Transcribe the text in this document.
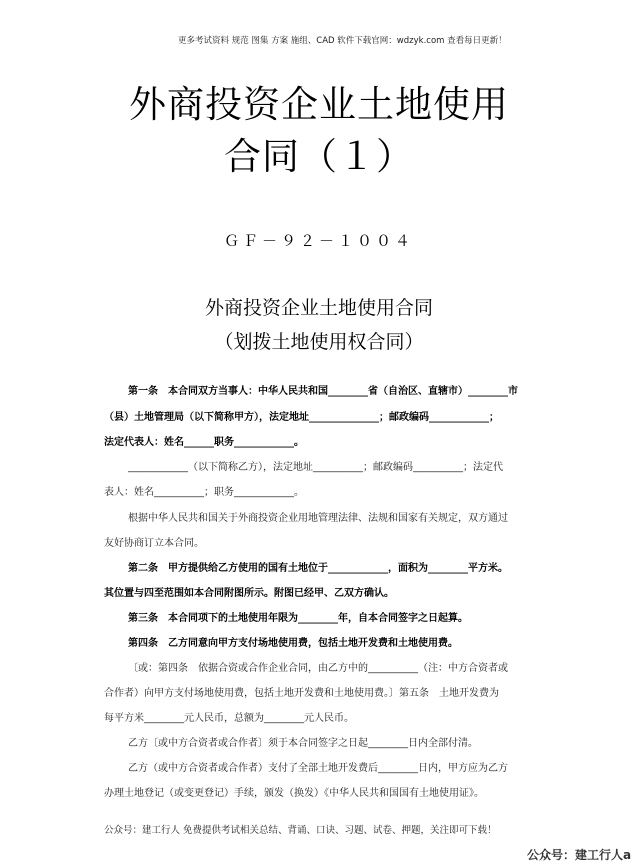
更多考试资料 规范 图集 方案 施组、CAD 软件下载官网：wdzyk.com 查看每日更新！
外商投资企业土地使用
合同（１）
ＧＦ－９２－１００４
外商投资企业土地使用合同
（划拨土地使用权合同）
第一条　本合同双方当事人：中华人民共和国________省（自治区、直辖市）________市
（县）土地管理局（以下简称甲方），法定地址______________；邮政编码____________；
法定代表人：姓名______职务____________。
____________（以下简称乙方），法定地址__________；邮政编码__________；法定代
表人：姓名__________；职务____________。
根据中华人民共和国关于外商投资企业用地管理法律、法规和国家有关规定，双方通过
友好协商订立本合同。
第二条　甲方提供给乙方使用的国有土地位于____________，面积为________平方米。
其位置与四至范围如本合同附图所示。附图已经甲、乙双方确认。
第三条　本合同项下的土地使用年限为________年，自本合同签字之日起算。
第四条　乙方同意向甲方支付场地使用费，包括土地开发费和土地使用费。
〔或：第四条　依据合资或合作企业合同，由乙方中的__________（注：中方合资者或
合作者）向甲方支付场地使用费，包括土地开发费和土地使用费。〕第五条　土地开发费为
每平方米________元人民币，总额为________元人民币。
乙方〔或中方合资者或合作者〕须于本合同签字之日起________日内全部付清。
乙方（或中方合资者或合作者）支付了全部土地开发费后________日内，甲方应为乙方
办理土地登记（或变更登记）手续，颁发（换发）《中华人民共和国国有土地使用证》。
公众号：建工行人 免费提供考试相关总结、背诵、口诀、习题、试卷、押题，关注即可下载！
公众号：建工行人a
